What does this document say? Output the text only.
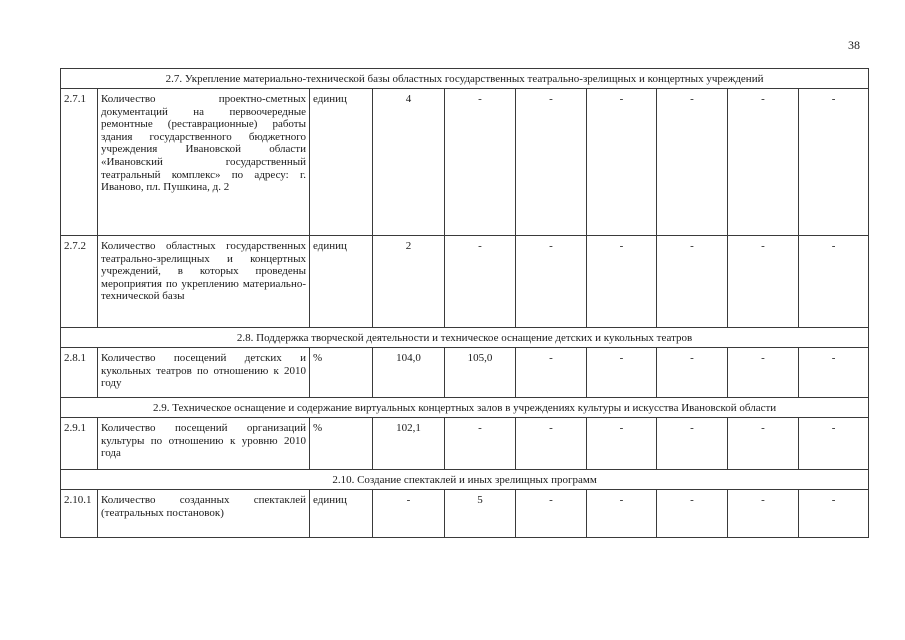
38
2.7. Укрепление материально-технической базы областных государственных театрально-зрелищных и концертных учреждений									
2.7.1	Количество проектно-сметных документаций на первоочередные ремонтные (реставрационные) работы здания государственного бюджетного учреждения Ивановской области «Ивановский государственный театральный комплекс» по адресу: г. Иваново, пл. Пушкина, д. 2	единиц	4	-	-	-	-	-	-
2.7.2	Количество областных государственных театрально-зрелищных и концертных учреждений, в которых проведены мероприятия по укреплению материально-технической базы	единиц	2	-	-	-	-	-	-
2.8. Поддержка творческой деятельности и техническое оснащение детских и кукольных театров									
2.8.1	Количество посещений детских и кукольных театров по отношению к 2010 году	%	104,0	105,0	-	-	-	-	-
2.9. Техническое оснащение и содержание виртуальных концертных залов в учреждениях культуры и искусства Ивановской области									
2.9.1	Количество посещений организаций культуры по отношению к уровню 2010 года	%	102,1	-	-	-	-	-	-
2.10. Создание спектаклей и иных зрелищных программ									
2.10.1	Количество созданных спектаклей (театральных постановок)	единиц	-	5	-	-	-	-	-
